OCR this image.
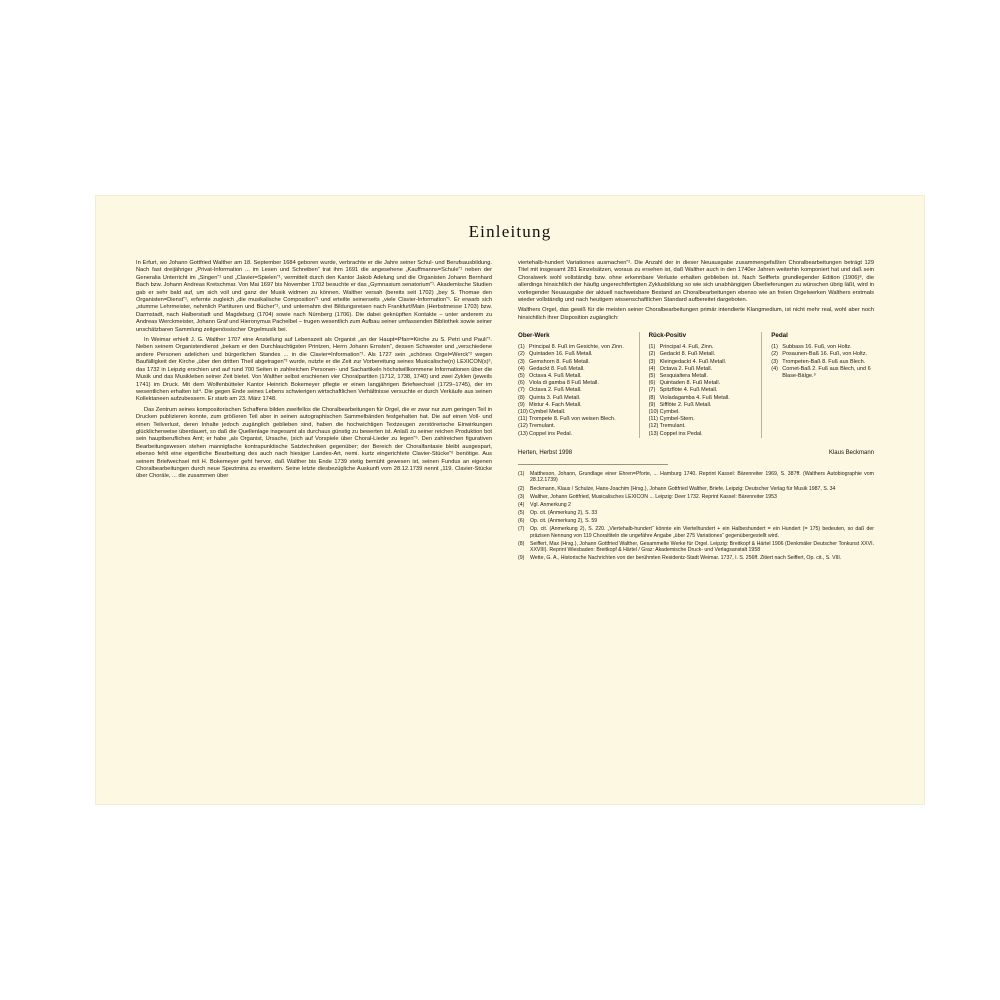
Einleitung

In Erfurt, wo Johann Gottfried Walther am 18. September 1684 geboren wurde, verbrachte er die Jahre seiner Schul- und Berufsausbildung. Nach fast dreijähriger „Privat-Information ... im Lesen und Schreiben“ trat ihm 1691 die angesehene „Kauffmanns=Schule“¹ neben der Generalia Unterricht im „Singen“¹ und „Clavier=Spielen“¹, vermittelt durch den Kantor Jakob Adelung und die Organisten Johann Bernhard Bach bzw. Johann Andreas Kretschmar. Von Mai 1697 bis November 1702 besuchte er das „Gymnasium senatorium“¹. Akademische Studien gab er sehr bald auf, um sich voll und ganz der Musik widmen zu können. Walther versah (bereits seit 1702) „bey S. Thomae den Organisten=Dienst“¹, erfernte zugleich „die musikalische Composition“¹ und erteilte seinerseits „viele Clavier-Information“¹. Er erwarb sich „stumme Lehrmeister, nehmlich Partituren und Bücher“¹, und unternahm drei Bildungsreisen nach Frankfurt/Main (Herbstmesse 1703) bzw. Darmstadt, nach Halberstadt und Magdeburg (1704) sowie nach Nürnberg (1706). Die dabei geknüpften Kontakte – unter anderem zu Andreas Werckmeister, Johann Graf und Hieronymus Pachelbel – trugen wesentlich zum Aufbau seiner umfassenden Bibliothek sowie seiner unschätzbaren Sammlung zeitgenössischer Orgelmusik bei.

In Weimar erhielt J. G. Walther 1707 eine Anstellung auf Lebenszeit als Organist „an der Haupt=Pfarr=Kirche zu S. Petri und Pauli“¹. Neben seinem Organistendienst „bekam er den Durchlauchtigsten Printzen, Herrn Johann Ernsten“, dessen Schwester und „verschiedene andere Personen adelichen und bürgerlichen Standes ... in die Clavier=Information“¹. Als 1727 sein „schönes Orgel=Werck“² wegen Baufälligkeit der Kirche „über den dritten Theil abgetragen“² wurde, nutzte er die Zeit zur Vorbereitung seines Musicalische(n) LEXICON(s)³, das 1732 in Leipzig erschien und auf rund 700 Seiten in zahlreichen Personen- und Sachartikeln höchstwillkommene Informationen über die Musik und das Musikleben seiner Zeit bietet. Von Walther selbst erschienen vier Choralpartiten (1712, 1738, 1740) und zwei Zyklen (jeweils 1741) im Druck. Mit dem Wolfenbütteler Kantor Heinrich Bokemeyer pflegte er einen langjährigen Briefwechsel (1729–1745), der im wesentlichen erhalten ist⁴. Die gegen Ende seines Lebens schwierigen wirtschaftlichen Verhältnisse versuchte er durch Verkäufe aus seinen Kollektaneen aufzubessern. Er starb am 23. März 1748.

Das Zentrum seines kompositorischen Schaffens bilden zweifellos die Choralbearbeitungen für Orgel, die er zwar nur zum geringen Teil in Drucken publizieren konnte, zum größeren Teil aber in seinen autographischen Sammelbänden festgehalten hat. Die auf einen Voll- und einen Teilverlust, deren Inhalte jedoch zugänglich geblieben sind, haben die hochwichtigen Textzeugen zerstörerische Einwirkungen glücklicherweise überdauert, so daß die Quellenlage insgesamt als durchaus günstig zu bewerten ist. Anlaß zu seiner reichen Produktion bot sein hauptberufliches Amt; er habe „als Organist, Ursache, (sich auf Vorspiele über Choral-Lieder zu legen“⁵. Den zahlreichen figurativen Bearbeitungswesen stehen mannigfache kontrapunktische Satztechniken gegenüber; der Bereich der Choralfantasie bleibt ausgespart, ebenso fehlt eine eigentliche Bearbeitung des auch nach hiesiger Landes-Art, nemi. kurtz eingerichtete Clavier-Stücke“⁶ benötige. Aus seinem Briefwechsel mit H. Bokemeyer geht hervor, daß Walther bis Ende 1739 stetig bemüht gewesen ist, seinen Fundus an eigenen Choralbearbeitungen durch neue Spezimina zu erweitern. Seine letzte diesbezügliche Auskunft vom 28.12.1739 nennt „119. Clavier-Stücke über Choräle, ... die zusammen über

viertehalb-hundert Variationes ausmachen“². Die Anzahl der in dieser Neuausgabe zusammengefaßten Choralbearbeitungen beträgt 129 Titel mit insgesamt 281 Einzelsätzen, woraus zu ersehen ist, daß Walther auch in den 1740er Jahren weiterhin komponiert hat und daß sein Choralwerk wohl vollständig bzw. ohne erkennbare Verluste erhalten geblieben ist. Nach Seifferts grundlegender Edition (1906)⁸, die allerdings hinsichtlich der häufig ungerechtfertigten Zyklusbildung so wie sich unabhängigen Überlieferungen zu wünschen übrig läßt, wird in vorliegender Neuausgabe der aktuell nachweisbare Bestand an Choralbearbeitungen ebenso wie an freien Orgelwerken Walthers erstmals wieder vollständig und nach heutigem wissenschaftlichen Standard aufbereitet dargeboten.

Walthers Orgel, das gewiß für die meisten seiner Choralbearbeitungen primär intendierte Klangmedium, ist nicht mehr real, wohl aber noch hinsichtlich ihrer Disposition zugänglich:

Ober-Werk
(1) Principal 8. Fuß im Gesichte, von Zinn.
(2) Quintaden 16. Fuß Metall.
(3) Gemshorn 8. Fuß Metall.
(4) Gedackt 8. Fuß Metall.
(5) Octava 4. Fuß Metall.
(6) Viola di gamba 8 Fuß Metall.
(7) Octava 2. Fuß Metall.
(8) Quinta 3. Fuß Metall.
(9) Mixtur 4. Fach Metall.
(10)Cymbel Metall.
(11) Trompete 8. Fuß von weisen Blech.
(12)Tremulant.
(13)Coppel ins Pedal.
Rück-Positiv
(1) Principal 4. Fuß, Zinn.
(2) Gedackt 8. Fuß Metall.
(3) Kleingedackt 4. Fuß Metall.
(4) Octava 2. Fuß Metall.
(5) Sesquialtera Metall.
(6) Quintaden 8. Fuß Metall.
(7) Spitzflöte 4. Fuß Metall.
(8) Violadagamba 4. Fuß Metall.
(9) Sifflöte 2. Fuß Metall.
(10)Cymbel.
(11) Cymbel-Stern.
(12)Tremulant.
(13)Coppel ins Pedal.
Pedal
(1) Subbass 16. Fuß, von Holtz.
(2) Posaunen-Baß 16. Fuß, von Holtz.
(3) Trompeten-Baß 8. Fuß aus Blech.
(4) Cornet-Baß 2. Fuß aus Blech, und 6 Blase-Bälge.⁹
Herten, Herbst 1998	Klaus Beckmann
(1) Mattheson, Johann, Grundlage einer Ehren=Pforte, ... Hamburg 1740. Reprint Kassel: Bärenreiter 1969, S. 387ff. (Walthers Autobiographie vom 28.12.1739)
(2) Beckmann, Klaus / Schulze, Hans-Joachim (Hrsg.), Johann Gottfried Walther, Briefe. Leipzig: Deutscher Verlag für Musik 1987, S. 34
(3) Walther, Johann Gottfried, Musicalisches LEXICON ... Leipzig: Deer 1732. Reprint Kassel: Bärenreiter 1953
(4) Vgl. Anmerkung 2
(5) Op. cit. (Anmerkung 2), S. 33
(6) Op. cit. (Anmerkung 2), S. 59
(7) Op. cit. (Anmerkung 2), S. 220. „Viertehalb-hundert“ könnte ein Viertelhundert + ein Halbeshundert = ein Hundert (= 175) bedeuten, so daß der präzisen Nennung von 119 Choraltiteln die ungefähre Angabe „über 275 Variationes“ gegenübergestellt wird.
(8) Seiffert, Max (Hrsg.), Johann Gottfried Walther, Gesammelte Werke für Orgel. Leipzig: Breitkopf & Härtel 1906 (Denkmäler Deutscher Tonkunst XXVI. XXVIII). Reprint Wiesbaden: Breitkopf & Härtel / Graz: Akademische Druck- und Verlagsanstalt 1958
(9) Wette, G. A., Historische Nachrichten von der berühmten Residentz-Stadt Weimar. 1737, I. S. 256ff. Zitiert nach Seiffert, Op. cit., S. VIII.
